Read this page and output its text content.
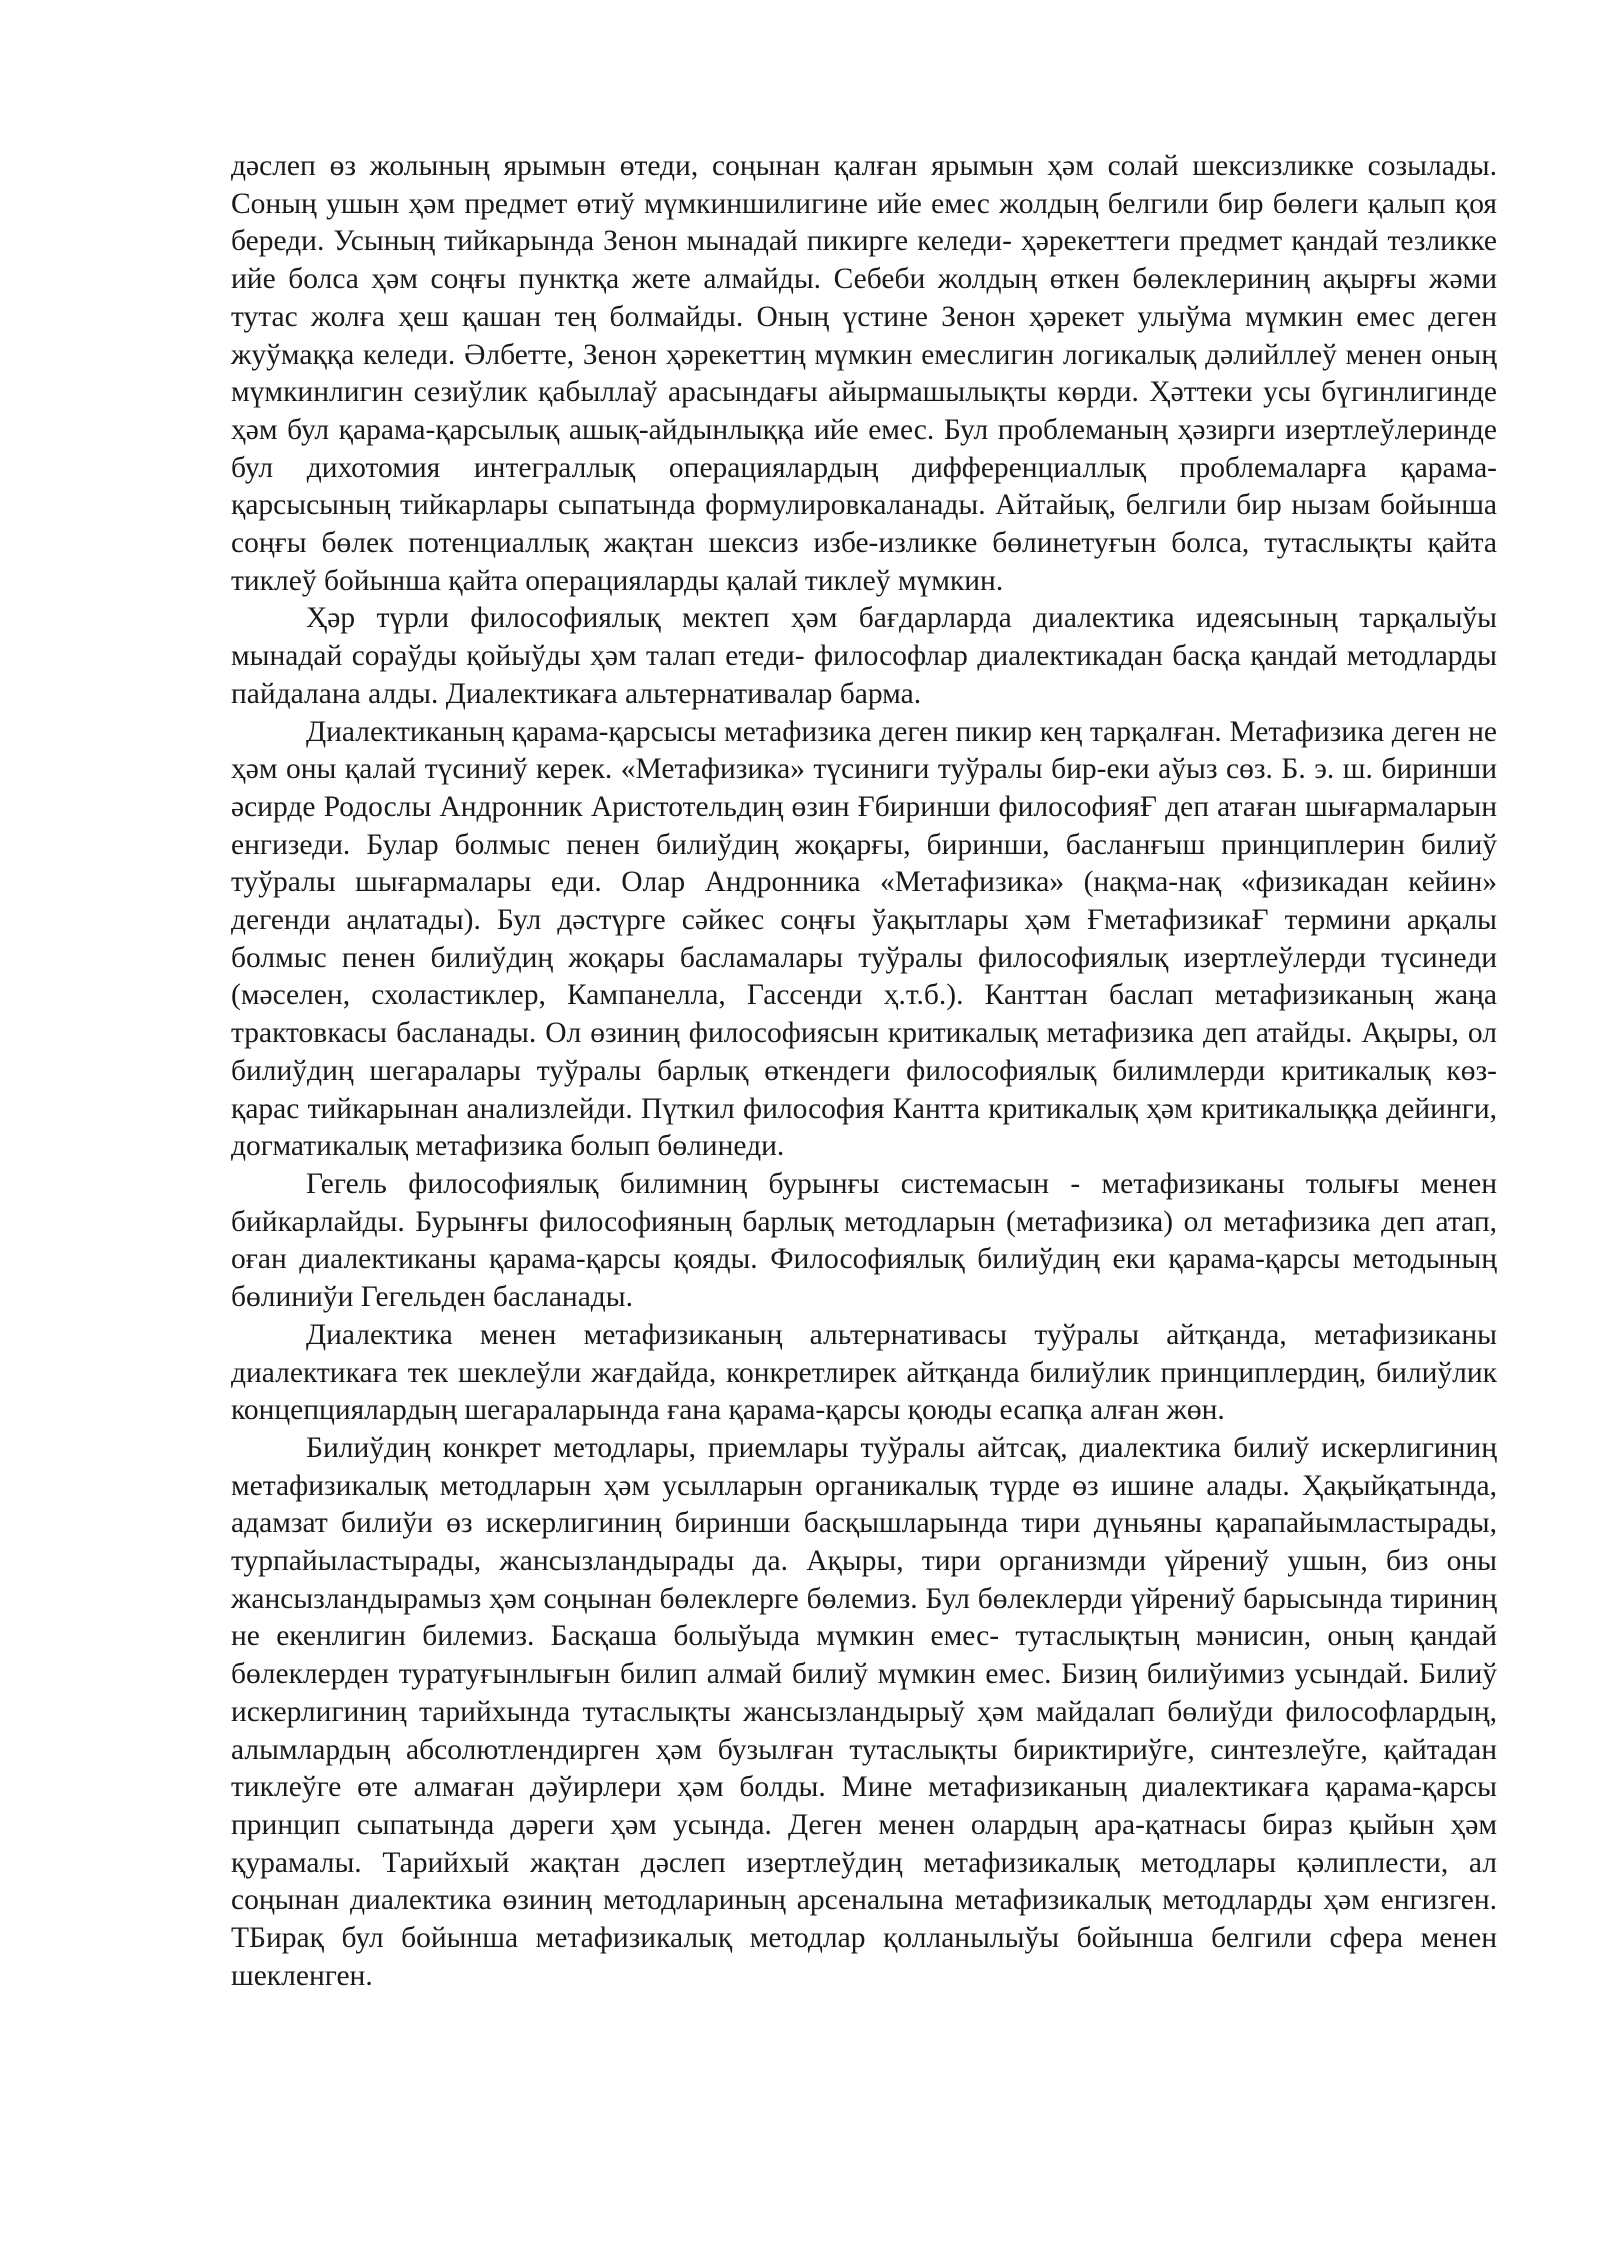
дәслеп өз жолының ярымын өтеди, соңынан қалған ярымын ҳәм солай шексизликке созылады. Соның ушын ҳәм предмет өтиў мүмкиншилигине ийе емес жолдың белгили бир бөлеги қалып қоя береди. Усының тийкарында Зенон мынадай пикирге келеди- ҳәрекеттеги предмет қандай тезликке ийе болса ҳәм соңғы пунктқа жете алмайды. Себеби жолдың өткен бөлеклериниң ақырғы жәми тутас жолға ҳеш қашан тең болмайды. Оның үстине Зенон ҳәрекет улыўма мүмкин емес деген жуўмаққа келеди. Әлбетте, Зенон ҳәрекеттиң мүмкин емеслигин логикалық дәлийллеў менен оның мүмкинлигин сезиўлик қабыллаў арасындағы айырмашылықты көрди. Ҳәттеки усы бүгинлигинде ҳәм бул қарама-қарсылық ашық-айдынлыққа ийе емес. Бул проблеманың ҳәзирги изертлеўлеринде бул дихотомия интеграллық операциялардың дифференциаллық проблемаларға қарама-қарсысының тийкарлары сыпатында формулировкаланады. Айтайық, белгили бир нызам бойынша соңғы бөлек потенциаллық жақтан шексиз избе-изликке бөлинетуғын болса, тутаслықты қайта тиклеў бойынша қайта операцияларды қалай тиклеў мүмкин.

Ҳәр түрли философиялық мектеп ҳәм бағдарларда диалектика идеясының тарқалыўы мынадай сораўды қойыўды ҳәм талап етеди- философлар диалектикадан басқа қандай методларды пайдалана алды. Диалектикаға альтернативалар барма.

Диалектиканың қарама-қарсысы метафизика деген пикир кең тарқалған. Метафизика деген не ҳәм оны қалай түсиниў керек. «Метафизика» түсиниги туўралы бир-еки аўыз сөз. Б. э. ш. биринши әсирде Родослы Андронник Аристотельдиң өзин Ғбиринши философияҒ деп атаған шығармаларын енгизеди. Булар болмыс пенен билиўдиң жоқарғы, биринши, басланғыш принциплерин билиў туўралы шығармалары еди. Олар Андронника «Метафизика» (нақма-нақ «физикадан кейин» дегенди аңлатады). Бул дәстүрге сәйкес соңғы ўақытлары ҳәм ҒметафизикаҒ термини арқалы болмыс пенен билиўдиң жоқары басламалары туўралы философиялық изертлеўлерди түсинеди (мәселен, схоластиклер, Кампанелла, Гассенди ҳ.т.б.). Канттан баслап метафизиканың жаңа трактовкасы басланады. Ол өзиниң философиясын критикалық метафизика деп атайды. Ақыры, ол билиўдиң шегаралары туўралы барлық өткендеги философиялық билимлерди критикалық көз-қарас тийкарынан анализлейди. Пүткил философия Кантта критикалық ҳәм критикалыққа дейинги, догматикалық метафизика болып бөлинеди.

Гегель философиялық билимниң бурынғы системасын - метафизиканы толығы менен бийкарлайды. Бурынғы философияның барлық методларын (метафизика) ол метафизика деп атап, оған диалектиканы қарама-қарсы қояды. Философиялық билиўдиң еки қарама-қарсы методының бөлиниўи Гегельден басланады.

Диалектика менен метафизиканың альтернативасы туўралы айтқанда, метафизиканы диалектикаға тек шеклеўли жағдайда, конкретлирек айтқанда билиўлик принциплердиң, билиўлик концепциялардың шегараларында ғана қарама-қарсы қоюды есапқа алған жөн.

Билиўдиң конкрет методлары, приемлары туўралы айтсақ, диалектика билиў искерлигиниң метафизикалық методларын ҳәм усылларын органикалық түрде өз ишине алады. Ҳақыйқатында, адамзат билиўи өз искерлигиниң биринши басқышларында тири дүньяны қарапайымластырады, турпайыластырады, жансызландырады да. Ақыры, тири организмди үйрениў ушын, биз оны жансызландырамыз ҳәм соңынан бөлеклерге бөлемиз. Бул бөлеклерди үйрениў барысында тириниң не екенлигин билемиз. Басқаша болыўыда мүмкин емес- тутаслықтың мәнисин, оның қандай бөлеклерден туратуғынлығын билип алмай билиў мүмкин емес. Бизиң билиўимиз усындай. Билиў искерлигиниң тарийхында тутаслықты жансызландырыў ҳәм майдалап бөлиўди философлардың, алымлардың абсолютлендирген ҳәм бузылған тутаслықты бириктириўге, синтезлеўге, қайтадан тиклеўге өте алмаған дәўирлери ҳәм болды. Мине метафизиканың диалектикаға қарама-қарсы принцип сыпатында дәреги ҳәм усында. Деген менен олардың ара-қатнасы бираз қыйын ҳәм қурамалы. Тарийхый жақтан дәслеп изертлеўдиң метафизикалық методлары қәлиплести, ал соңынан диалектика өзиниң методлариның арсеналына метафизикалық методларды ҳәм енгизген. ТБирақ бул бойынша метафизикалық методлар қолланылыўы бойынша белгили сфера менен шекленген.
